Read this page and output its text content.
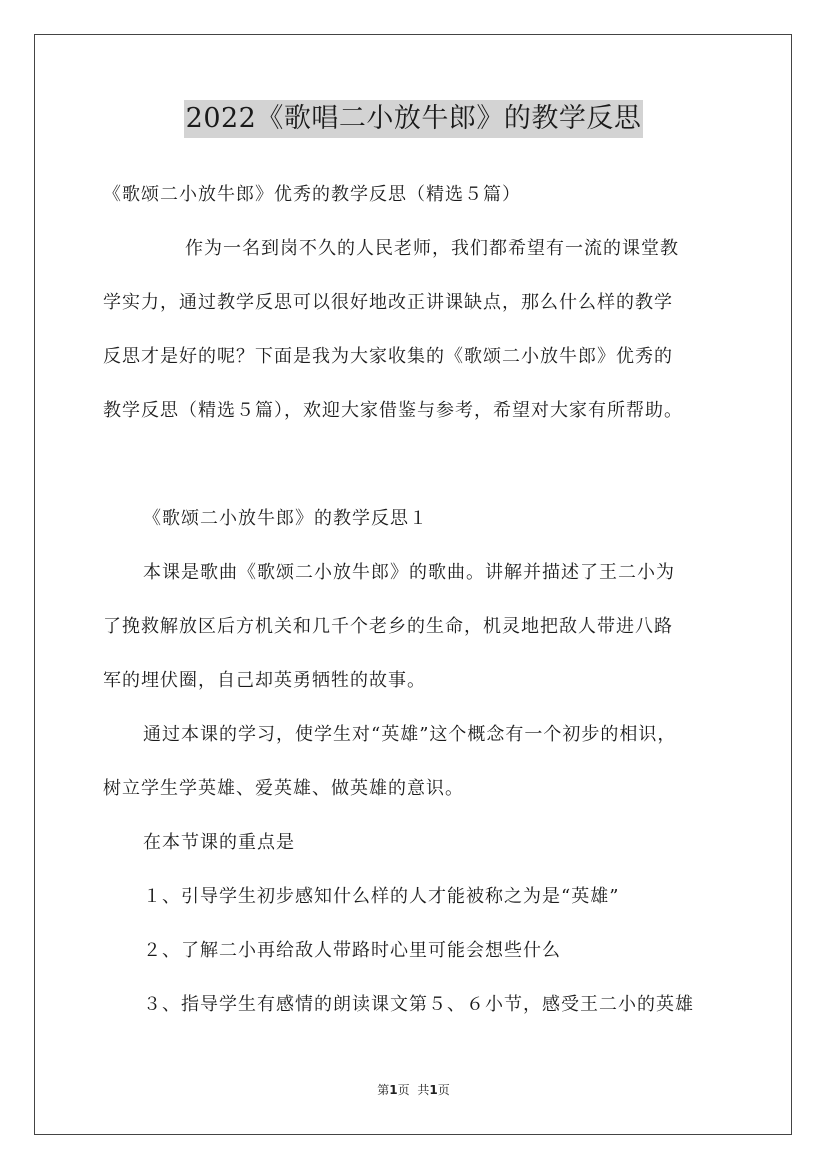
2022《歌唱二小放牛郎》的教学反思
《歌颂二小放牛郎》优秀的教学反思（精选５篇）
作为一名到岗不久的人民老师，我们都希望有一流的课堂教
学实力，通过教学反思可以很好地改正讲课缺点，那么什么样的教学
反思才是好的呢？下面是我为大家收集的《歌颂二小放牛郎》优秀的
教学反思（精选５篇），欢迎大家借鉴与参考，希望对大家有所帮助。
《歌颂二小放牛郎》的教学反思１
本课是歌曲《歌颂二小放牛郎》的歌曲。讲解并描述了王二小为
了挽救解放区后方机关和几千个老乡的生命，机灵地把敌人带进八路
军的埋伏圈，自己却英勇牺牲的故事。
通过本课的学习，使学生对“英雄”这个概念有一个初步的相识，
树立学生学英雄、爱英雄、做英雄的意识。
在本节课的重点是
１、引导学生初步感知什么样的人才能被称之为是“英雄”
２、了解二小再给敌人带路时心里可能会想些什么
３、指导学生有感情的朗读课文第５、６小节，感受王二小的英雄
第1页 共1页
